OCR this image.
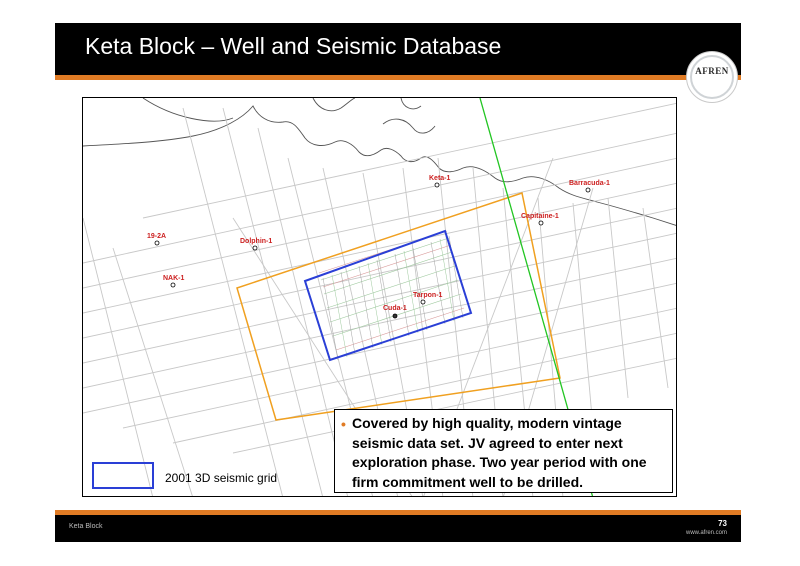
Keta Block – Well and Seismic Database
AFREN
Keta-1
Barracuda-1
Capitaine-1
19-2A
Dolphin-1
NAK-1
Tarpon-1
Cuda-1
• Covered by high quality, modern vintage seismic data set. JV agreed to enter next exploration phase. Two year period with one firm commitment well to be drilled.
2001 3D seismic grid
Keta Block	73
www.afren.com
